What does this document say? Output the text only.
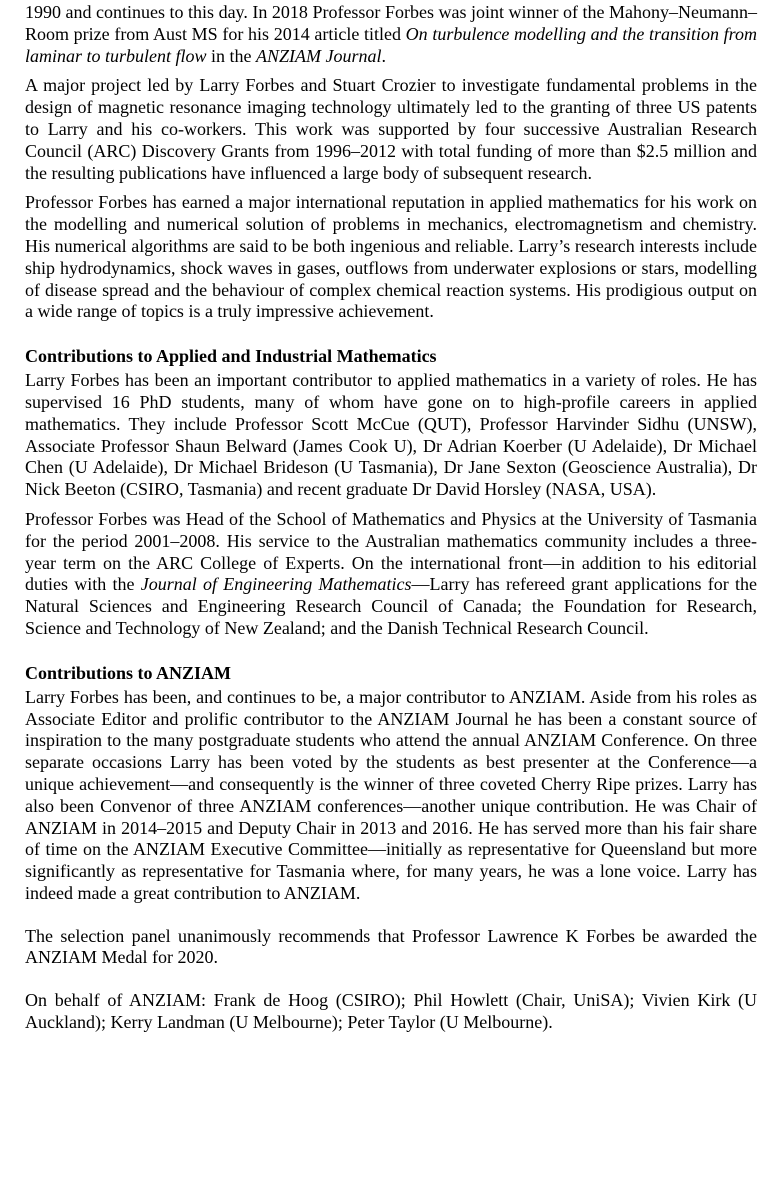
1990 and continues to this day. In 2018 Professor Forbes was joint winner of the Mahony–Neumann–Room prize from Aust MS for his 2014 article titled On turbulence modelling and the transition from laminar to turbulent flow in the ANZIAM Journal.

A major project led by Larry Forbes and Stuart Crozier to investigate fundamental problems in the design of magnetic resonance imaging technology ultimately led to the granting of three US patents to Larry and his co-workers. This work was supported by four successive Australian Research Council (ARC) Discovery Grants from 1996–2012 with total funding of more than $2.5 million and the resulting publications have influenced a large body of subsequent research.

Professor Forbes has earned a major international reputation in applied mathematics for his work on the modelling and numerical solution of problems in mechanics, electromagnetism and chemistry. His numerical algorithms are said to be both ingenious and reliable. Larry’s research interests include ship hydrodynamics, shock waves in gases, outflows from underwater explosions or stars, modelling of disease spread and the behaviour of complex chemical reaction systems. His prodigious output on a wide range of topics is a truly impressive achievement.

Contributions to Applied and Industrial Mathematics

Larry Forbes has been an important contributor to applied mathematics in a variety of roles. He has supervised 16 PhD students, many of whom have gone on to high-profile careers in applied mathematics. They include Professor Scott McCue (QUT), Professor Harvinder Sidhu (UNSW), Associate Professor Shaun Belward (James Cook U), Dr Adrian Koerber (U Adelaide), Dr Michael Chen (U Adelaide), Dr Michael Brideson (U Tasmania), Dr Jane Sexton (Geoscience Australia), Dr Nick Beeton (CSIRO, Tasmania) and recent graduate Dr David Horsley (NASA, USA).

Professor Forbes was Head of the School of Mathematics and Physics at the University of Tasmania for the period 2001–2008. His service to the Australian mathematics community includes a three-year term on the ARC College of Experts. On the international front—in addition to his editorial duties with the Journal of Engineering Mathematics—Larry has refereed grant applications for the Natural Sciences and Engineering Research Council of Canada; the Foundation for Research, Science and Technology of New Zealand; and the Danish Technical Research Council.

Contributions to ANZIAM

Larry Forbes has been, and continues to be, a major contributor to ANZIAM. Aside from his roles as Associate Editor and prolific contributor to the ANZIAM Journal he has been a constant source of inspiration to the many postgraduate students who attend the annual ANZIAM Conference. On three separate occasions Larry has been voted by the students as best presenter at the Conference—a unique achievement—and consequently is the winner of three coveted Cherry Ripe prizes. Larry has also been Convenor of three ANZIAM conferences—another unique contribution. He was Chair of ANZIAM in 2014–2015 and Deputy Chair in 2013 and 2016. He has served more than his fair share of time on the ANZIAM Executive Committee—initially as representative for Queensland but more significantly as representative for Tasmania where, for many years, he was a lone voice. Larry has indeed made a great contribution to ANZIAM.

The selection panel unanimously recommends that Professor Lawrence K Forbes be awarded the ANZIAM Medal for 2020.

On behalf of ANZIAM: Frank de Hoog (CSIRO); Phil Howlett (Chair, UniSA); Vivien Kirk (U Auckland); Kerry Landman (U Melbourne); Peter Taylor (U Melbourne).
